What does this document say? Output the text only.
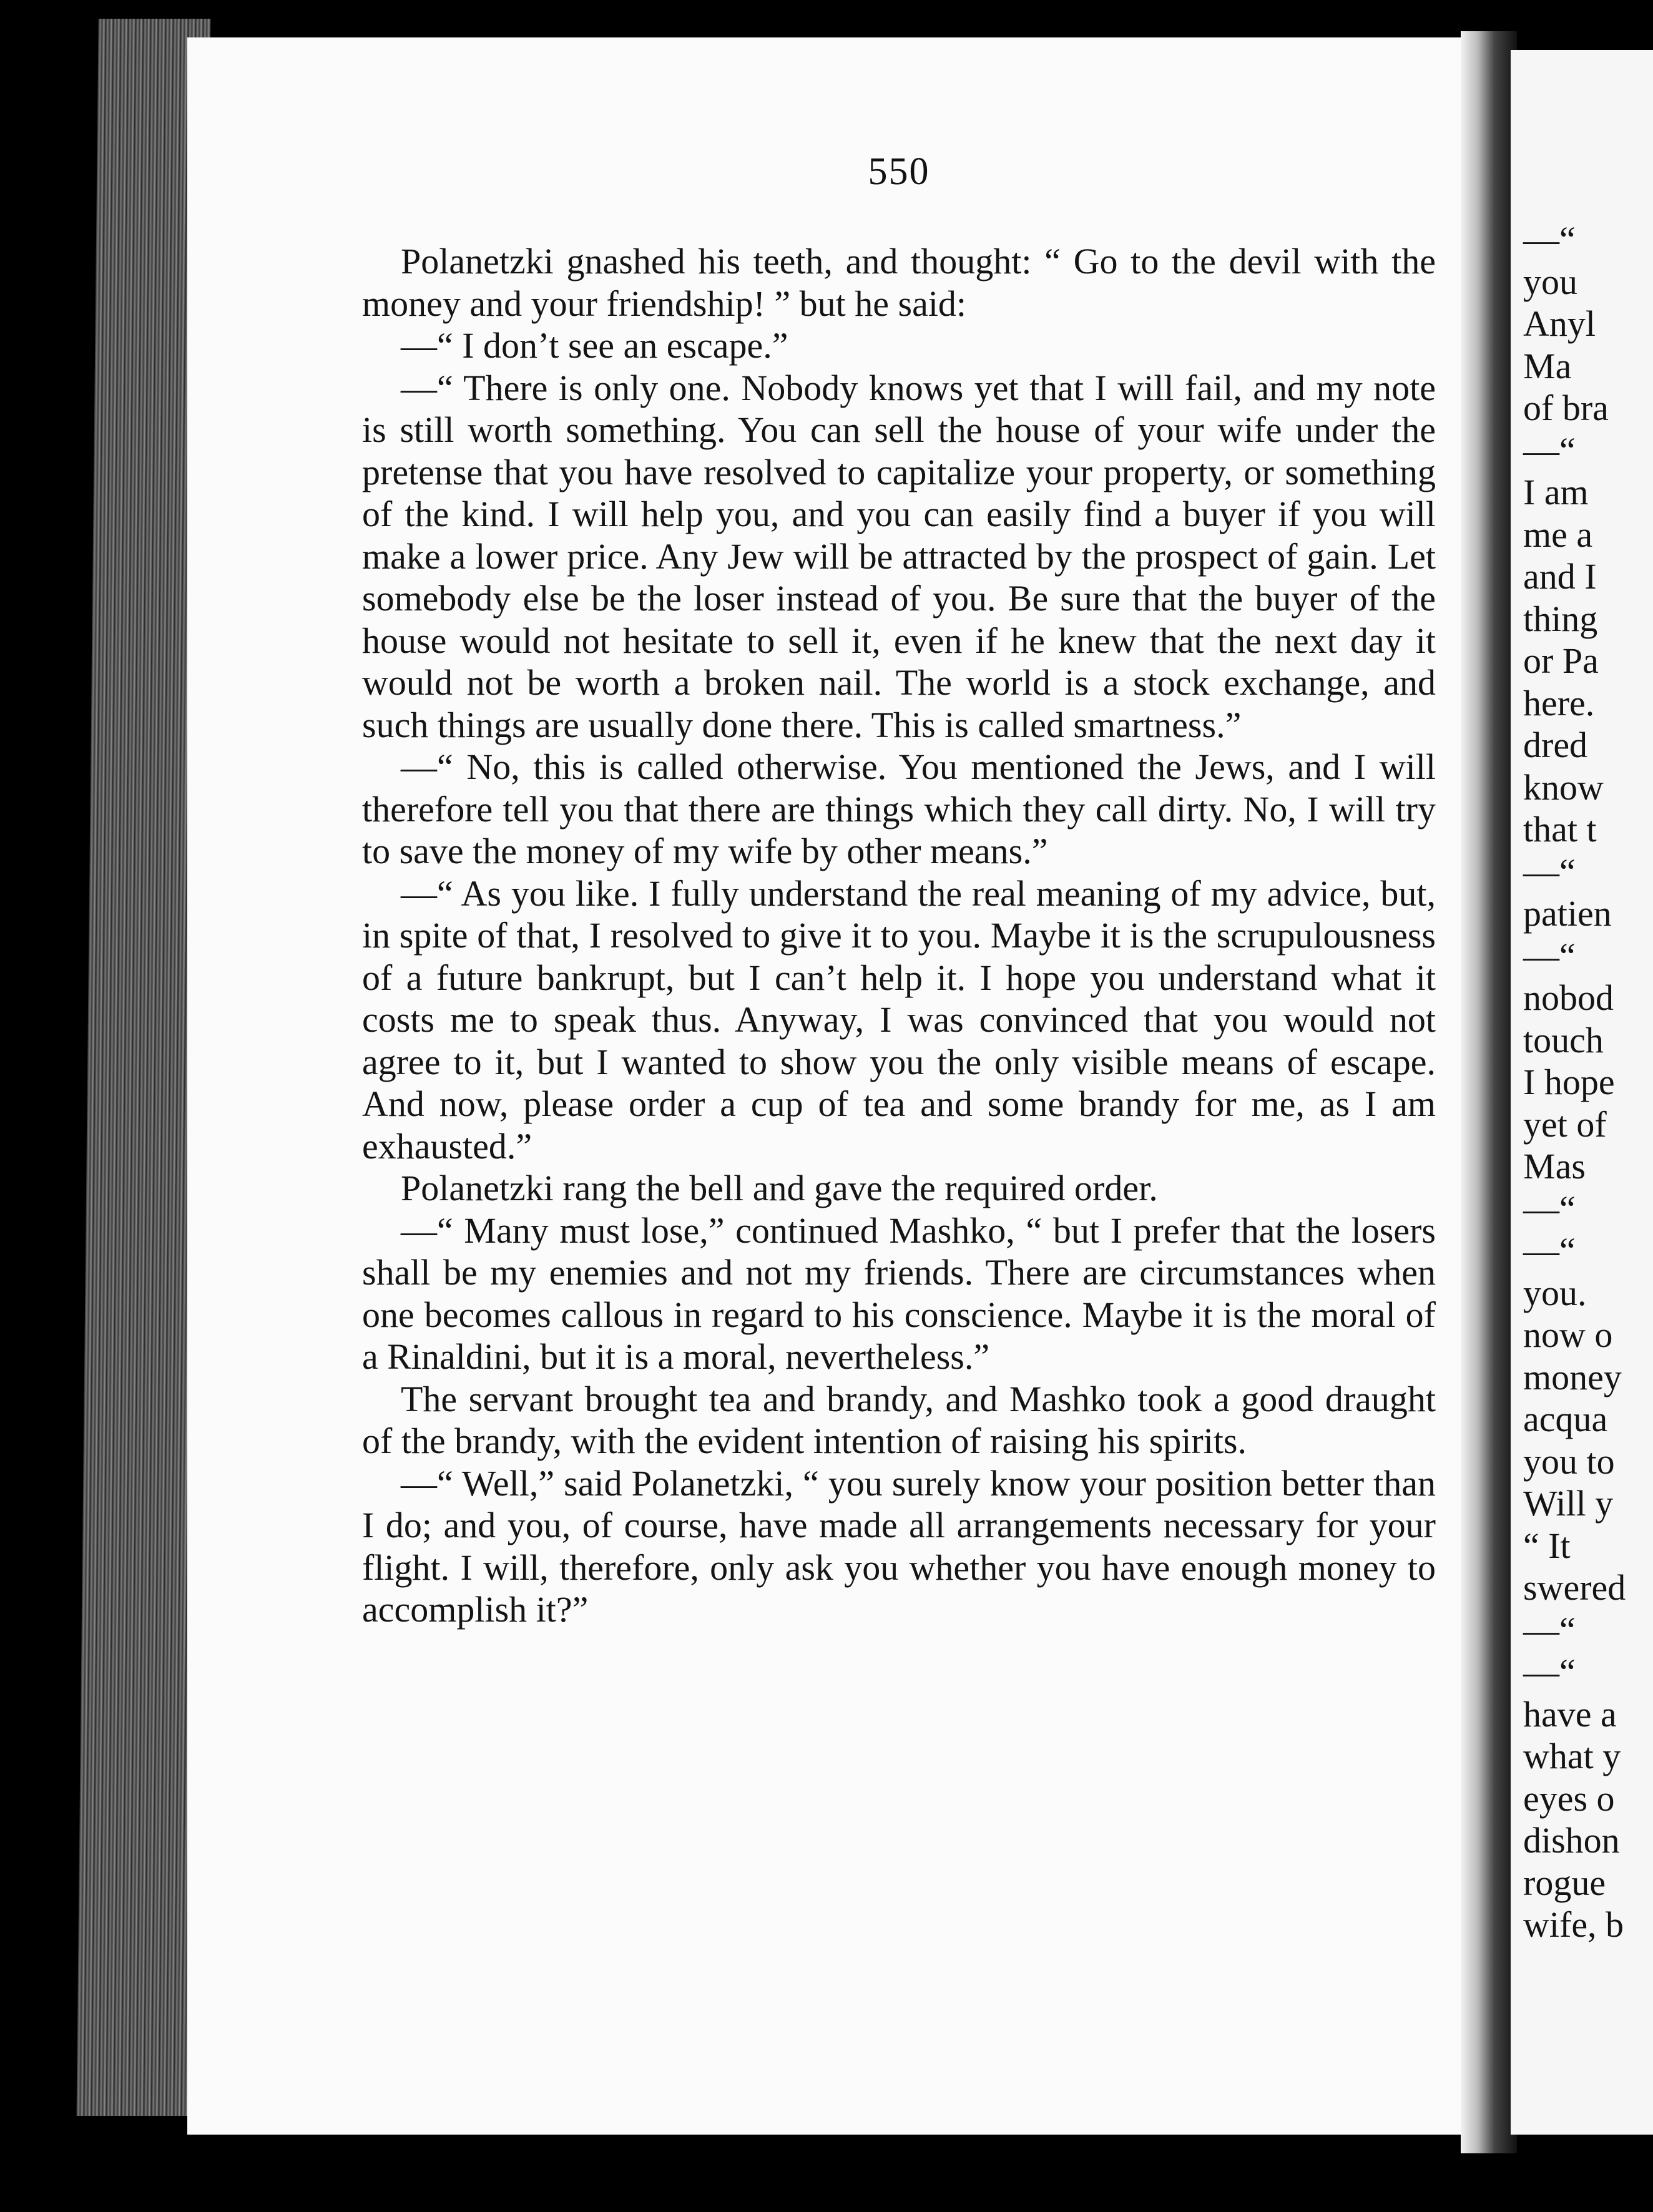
550

Polanetzki gnashed his teeth, and thought: “ Go to the devil with the money and your friendship! ” but he said:

—“ I don’t see an escape.”

—“ There is only one. Nobody knows yet that I will fail, and my note is still worth something. You can sell the house of your wife under the pretense that you have resolved to capitalize your property, or something of the kind. I will help you, and you can easily find a buyer if you will make a lower price. Any Jew will be attracted by the prospect of gain. Let somebody else be the loser instead of you. Be sure that the buyer of the house would not hesitate to sell it, even if he knew that the next day it would not be worth a broken nail. The world is a stock exchange, and such things are usually done there. This is called smartness.”

—“ No, this is called otherwise. You mentioned the Jews, and I will therefore tell you that there are things which they call dirty. No, I will try to save the money of my wife by other means.”

—“ As you like. I fully understand the real meaning of my advice, but, in spite of that, I resolved to give it to you. Maybe it is the scrupulousness of a future bankrupt, but I can’t help it. I hope you understand what it costs me to speak thus. Anyway, I was convinced that you would not agree to it, but I wanted to show you the only visible means of escape. And now, please order a cup of tea and some brandy for me, as I am exhausted.”

Polanetzki rang the bell and gave the required order.

—“ Many must lose,” continued Mashko, “ but I prefer that the losers shall be my enemies and not my friends. There are circumstances when one becomes callous in regard to his conscience. Maybe it is the moral of a Rinaldini, but it is a moral, nevertheless.”

The servant brought tea and brandy, and Mashko took a good draught of the brandy, with the evident intention of raising his spirits.

—“ Well,” said Polanetzki, “ you surely know your position better than I do; and you, of course, have made all arrangements necessary for your flight. I will, therefore, only ask you whether you have enough money to accomplish it?”

—“
you
Anyl
Ma
of bra
—“
I am
me a
and I
thing
or Pa
here.
dred
know
that t
—“
patien
—“
nobod
touch
I hope
yet of
Mas
—“
—“
you.
now o
money
acqua
you to
Will y
“ It
swered
—“
—“
have a
what y
eyes o
dishon
rogue
wife, b
